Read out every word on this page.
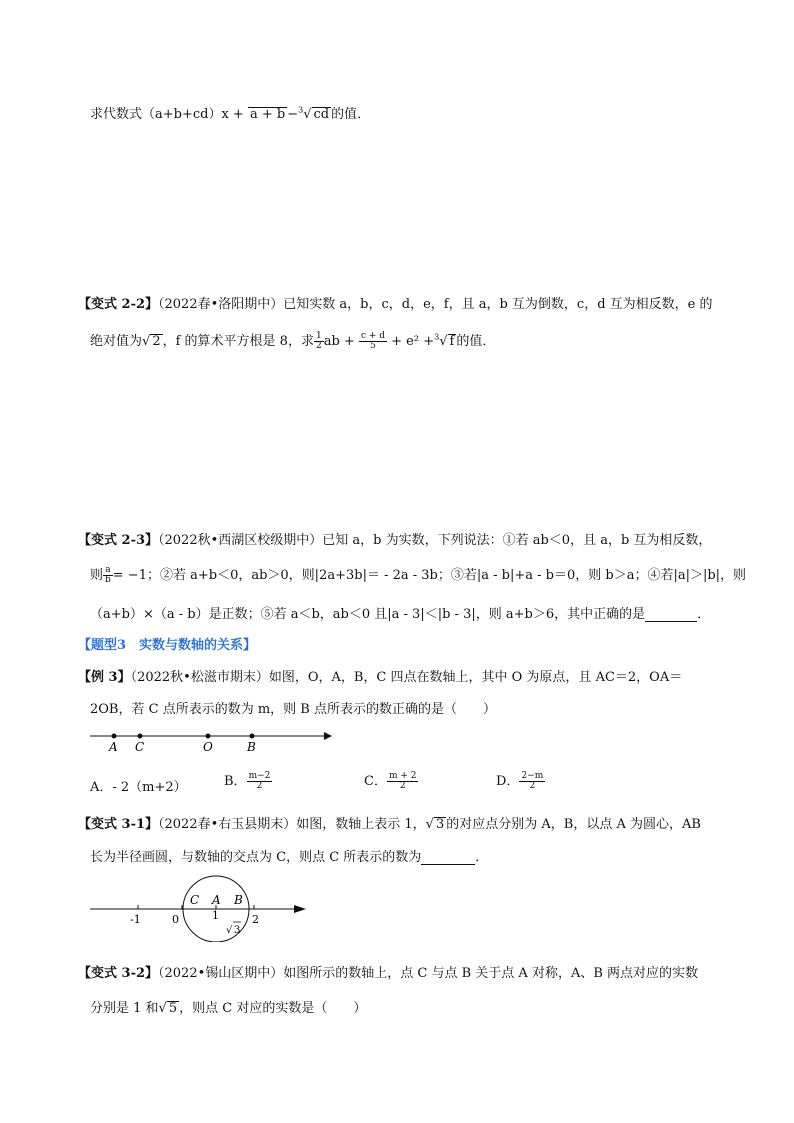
求代数式（a+b+cd）x + a + b −$^3$√ cd 的值．
【变式 2-2】（2022春•洛阳期中）已知实数 a，b，c，d，e，f，且 a，b 互为倒数，c，d 互为相反数，e 的
绝对值为√ 2 ，f 的算术平方根是 8，求 $\frac{1}{2}$ ab + $\frac{c + d}{5} + e^2 +^3√$ f 的值．
【变式 2-3】（2022秋•西湖区校级期中）已知 a，b 为实数，下列说法：①若 ab＜0，且 a，b 互为相反数，
则 $\frac{a}{b} = -1$；②若 a+b＜0，ab＞0，则|2a+3b|＝ - 2a - 3b；③若|a - b|+a - b＝0，则 b＞a；④若|a|＞|b|，则
（a+b）×（a - b）是正数；⑤若 a＜b，ab＜0 且|a - 3|＜|b - 3|，则 a+b＞6，其中正确的是	．
【题型3　实数与数轴的关系】
【例 3】（2022秋•松滋市期末）如图，O，A，B，C 四点在数轴上，其中 O 为原点，且 AC＝2，OA＝
2OB，若 C 点所表示的数为 m，则 B 点所表示的数正确的是（　　）
A C	O	B
A．- 2（m+2）	B． $\frac{m-2}{2}$	C． $\frac{m + 2}{2}$	D． $\frac{2-m}{2}$
【变式 3-1】（2022春•右玉县期末）如图，数轴上表示 1，√ 3 的对应点分别为 A，B，以点 A 为圆心，AB
长为半径画圆，与数轴的交点为 C，则点 C 所表示的数为	．
-1	0	1	2
C A B
√ 3
【变式 3-2】（2022•锡山区期中）如图所示的数轴上，点 C 与点 B 关于点 A 对称，A、B 两点对应的实数
分别是 1 和√ 5 ，则点 C 对应的实数是（　　）
